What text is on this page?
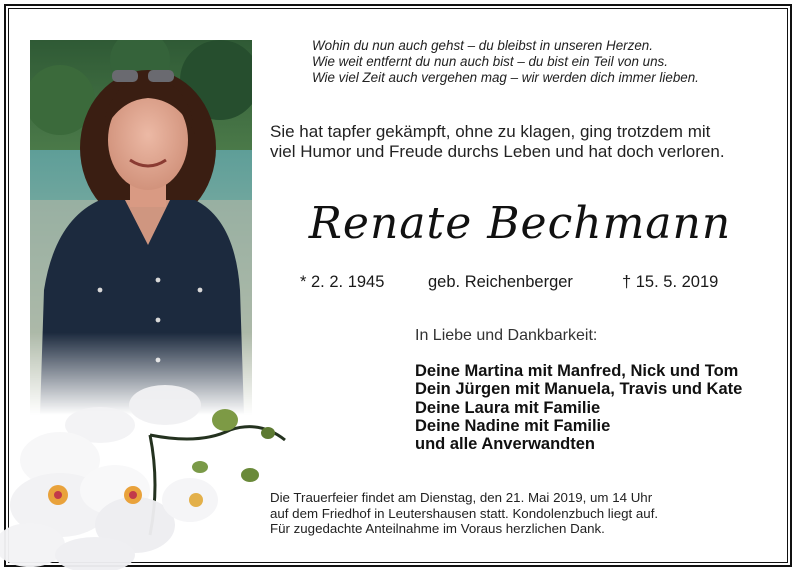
Wohin du nun auch gehst – du bleibst in unseren Herzen.
Wie weit entfernt du nun auch bist – du bist ein Teil von uns.
Wie viel Zeit auch vergehen mag – wir werden dich immer lieben.
Sie hat tapfer gekämpft, ohne zu klagen, ging trotzdem mit viel Humor und Freude durchs Leben und hat doch verloren.
Renate Bechmann
* 2. 2. 1945	geb. Reichenberger	† 15. 5. 2019
In Liebe und Dankbarkeit:
Deine Martina mit Manfred, Nick und Tom
Dein Jürgen mit Manuela, Travis und Kate
Deine Laura mit Familie
Deine Nadine mit Familie
und alle Anverwandten
Die Trauerfeier findet am Dienstag, den 21. Mai 2019, um 14 Uhr
auf dem Friedhof in Leutershausen statt. Kondolenzbuch liegt auf.
Für zugedachte Anteilnahme im Voraus herzlichen Dank.
